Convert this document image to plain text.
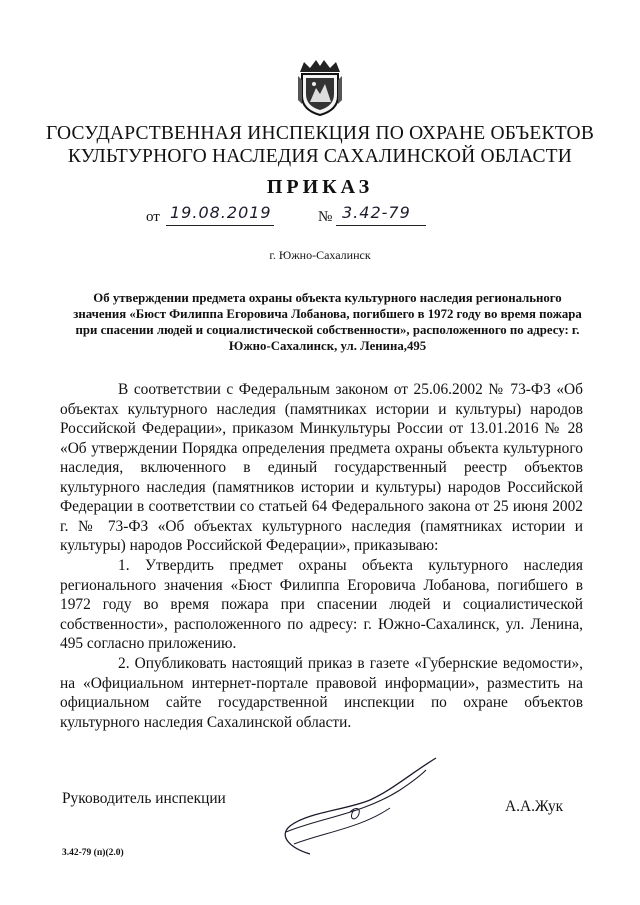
ГОСУДАРСТВЕННАЯ ИНСПЕКЦИЯ ПО ОХРАНЕ ОБЪЕКТОВ
КУЛЬТУРНОГО НАСЛЕДИЯ САХАЛИНСКОЙ ОБЛАСТИ
ПРИКАЗ
от 19.08.2019	№ 3.42-79
г. Южно-Сахалинск
Об утверждении предмета охраны объекта культурного наследия регионального значения «Бюст Филиппа Егоровича Лобанова, погибшего в 1972 году во время пожара при спасении людей и социалистической собственности», расположенного по адресу: г. Южно-Сахалинск, ул. Ленина,495

В соответствии с Федеральным законом от 25.06.2002 № 73-ФЗ «Об объектах культурного наследия (памятниках истории и культуры) народов Российской Федерации», приказом Минкультуры России от 13.01.2016 № 28 «Об утверждении Порядка определения предмета охраны объекта культурного наследия, включенного в единый государственный реестр объектов культурного наследия (памятников истории и культуры) народов Российской Федерации в соответствии со статьей 64 Федерального закона от 25 июня 2002 г. № 73-ФЗ «Об объектах культурного наследия (памятниках истории и культуры) народов Российской Федерации», приказываю:

1. Утвердить предмет охраны объекта культурного наследия регионального значения «Бюст Филиппа Егоровича Лобанова, погибшего в 1972 году во время пожара при спасении людей и социалистической собственности», расположенного по адресу: г. Южно-Сахалинск, ул. Ленина, 495 согласно приложению.

2. Опубликовать настоящий приказ в газете «Губернские ведомости», на «Официальном интернет-портале правовой информации», разместить на официальном сайте государственной инспекции по охране объектов культурного наследия Сахалинской области.

Руководитель инспекции	А.А.Жук
3.42-79 (п)(2.0)
